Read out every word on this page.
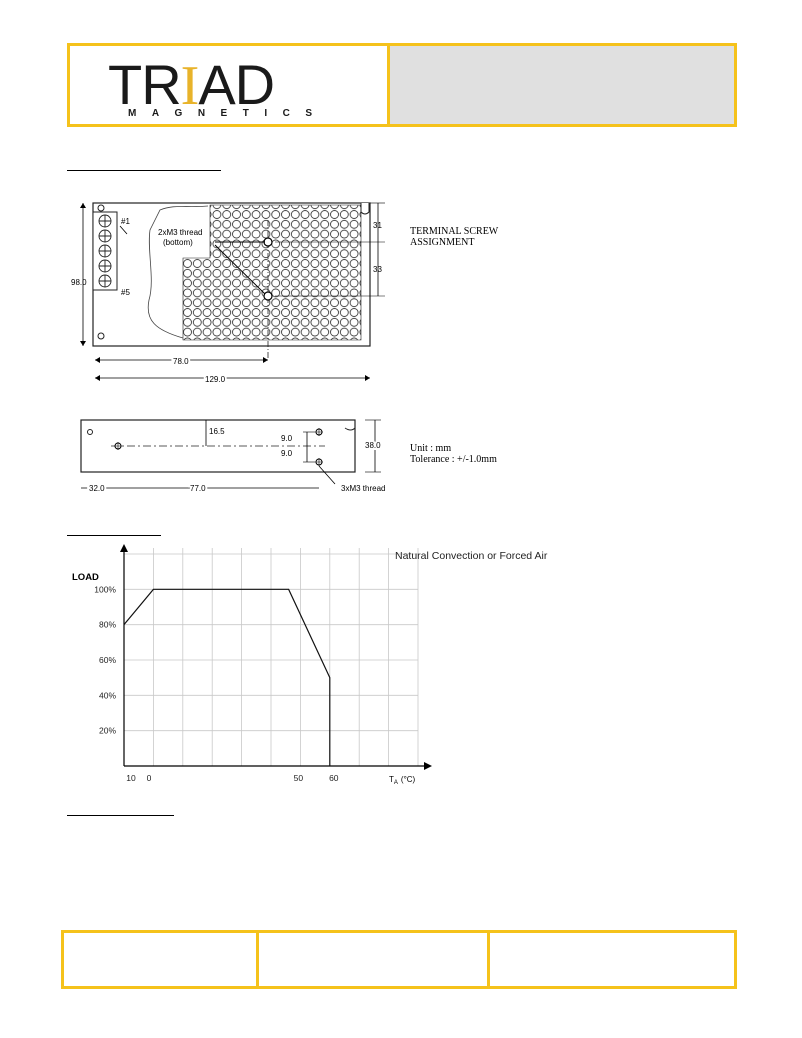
TRIAD
MAGNETICS
2xM3 thread
(bottom)
#1
#5
98.0
31
33
78.0
129.0
TERMINAL SCREW
ASSIGNMENT
16.5
9.0
9.0
38.0
32.0	77.0	3xM3 thread
Unit : mm
Tolerance : +/-1.0mm
100%
80%
60%
40%
20%
10 0	50	60
Natural Convection or Forced Air
LOAD
$T_A$ (°C)
